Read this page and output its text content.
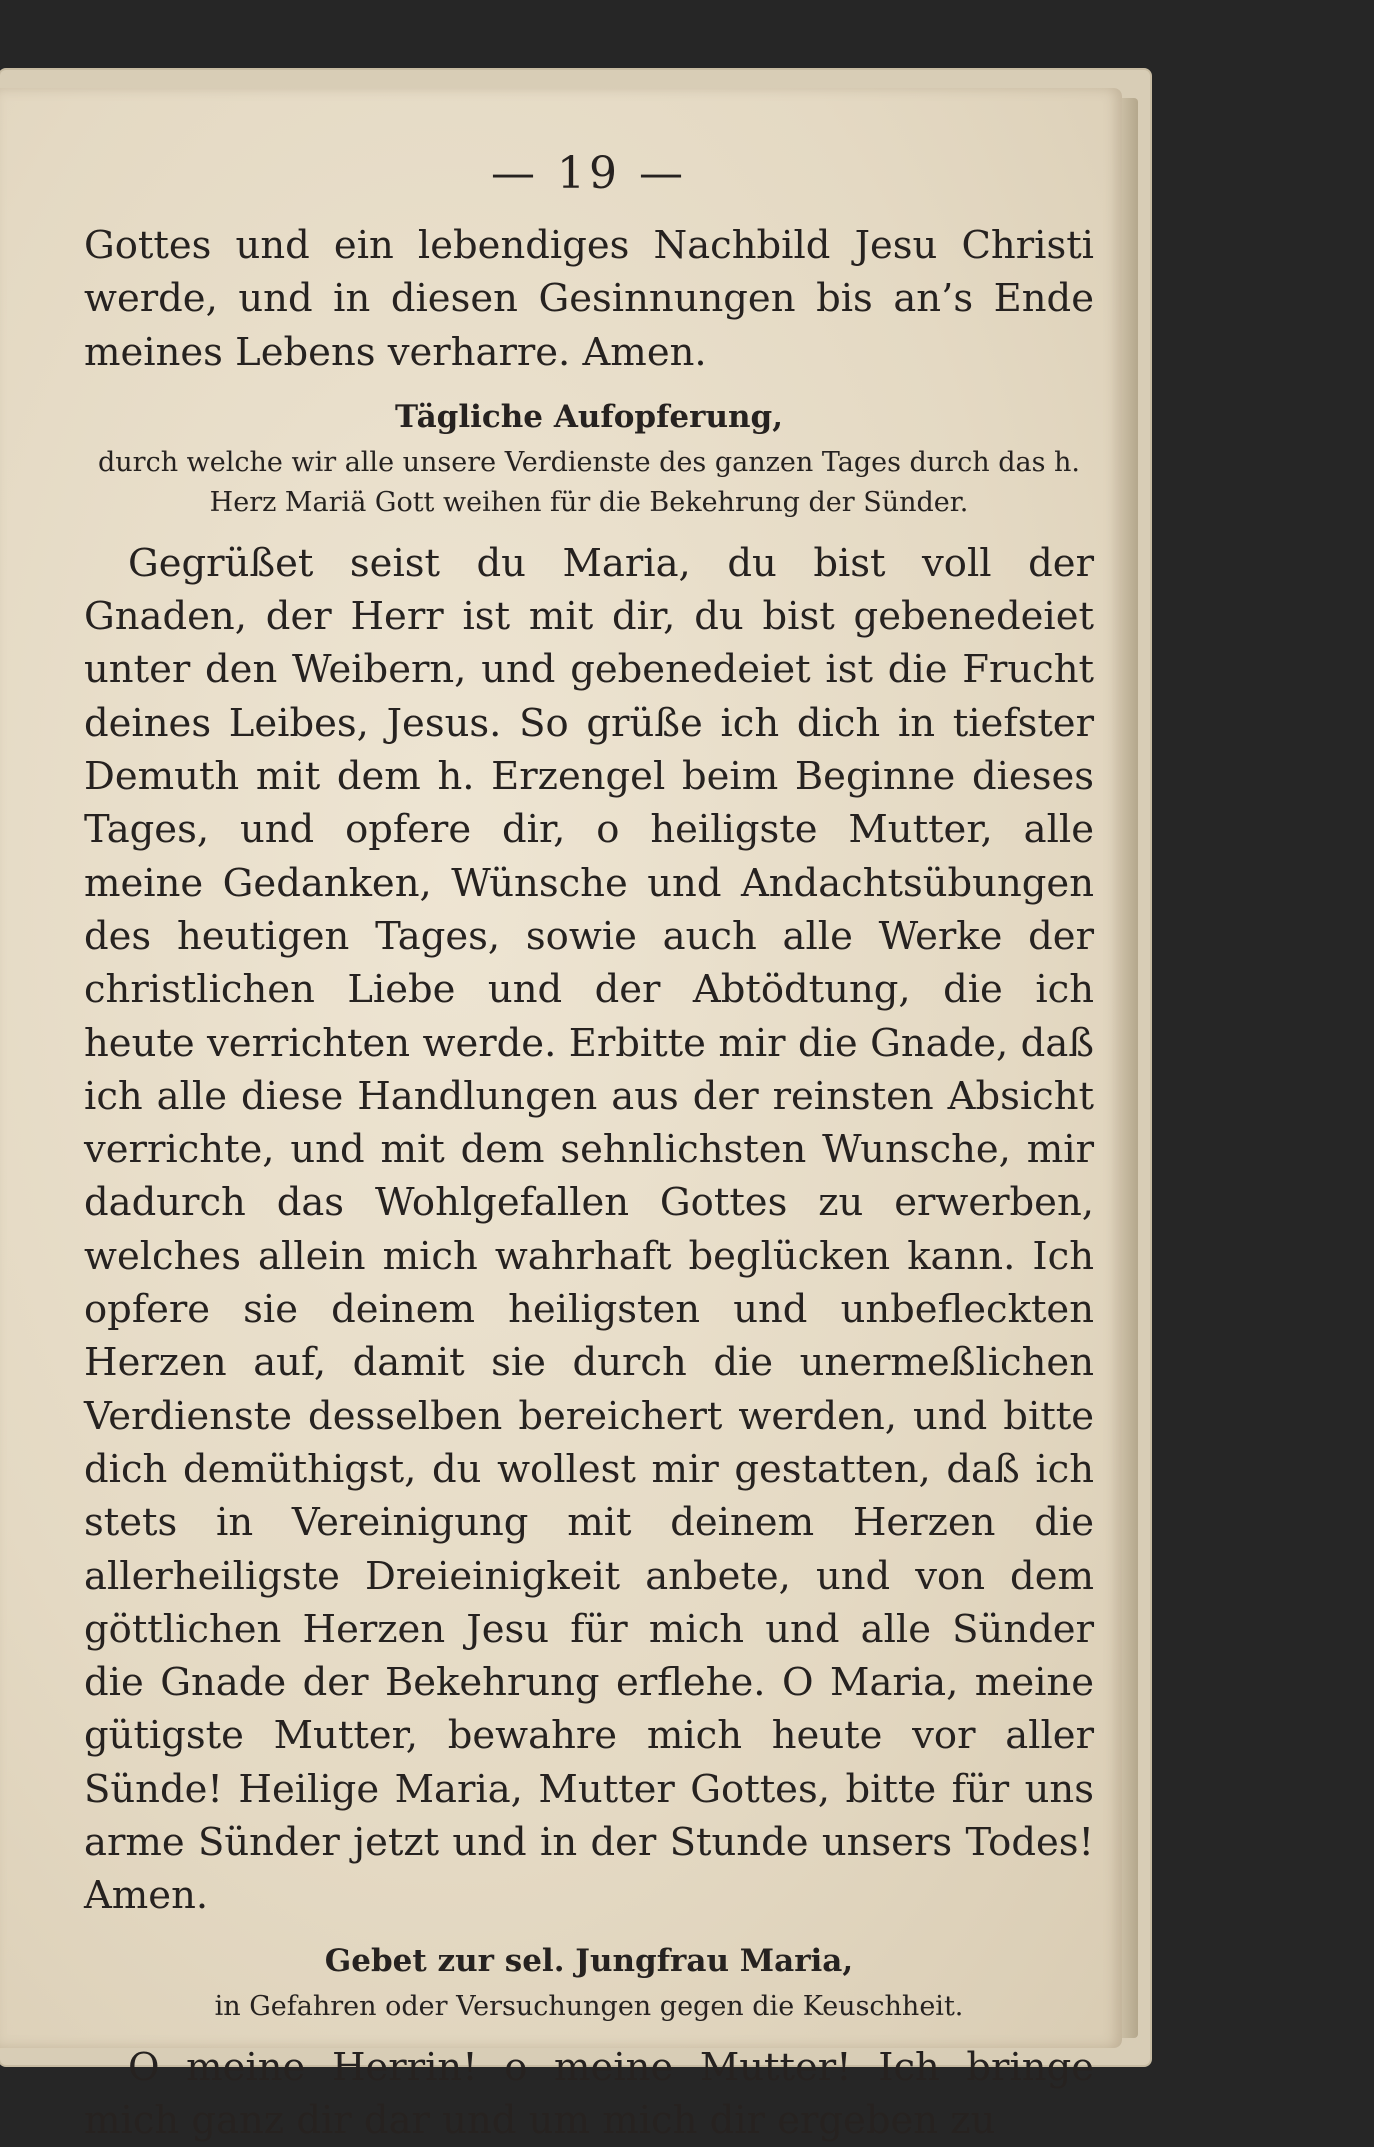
— 19 —

Gottes und ein lebendiges Nachbild Jesu Christi werde, und in diesen Gesinnungen bis an’s Ende meines Lebens verharre. Amen.

Tägliche Aufopferung,
durch welche wir alle unsere Verdienste des ganzen Tages durch das h. Herz Mariä Gott weihen für die Bekehrung der Sünder.

Gegrüßet seist du Maria, du bist voll der Gnaden, der Herr ist mit dir, du bist gebenedeiet unter den Weibern, und gebenedeiet ist die Frucht deines Leibes, Jesus. So grüße ich dich in tiefster Demuth mit dem h. Erzengel beim Beginne dieses Tages, und opfere dir, o heiligste Mutter, alle meine Gedanken, Wünsche und Andachtsübungen des heutigen Tages, sowie auch alle Werke der christlichen Liebe und der Abtödtung, die ich heute verrichten werde. Erbitte mir die Gnade, daß ich alle diese Handlungen aus der reinsten Absicht verrichte, und mit dem sehnlichsten Wunsche, mir dadurch das Wohlgefallen Gottes zu erwerben, welches allein mich wahrhaft beglücken kann. Ich opfere sie deinem heiligsten und unbefleckten Herzen auf, damit sie durch die unermeßlichen Verdienste desselben bereichert werden, und bitte dich demüthigst, du wollest mir gestatten, daß ich stets in Vereinigung mit deinem Herzen die allerheiligste Dreieinigkeit anbete, und von dem göttlichen Herzen Jesu für mich und alle Sünder die Gnade der Bekehrung erflehe. O Maria, meine gütigste Mutter, bewahre mich heute vor aller Sünde! Heilige Maria, Mutter Gottes, bitte für uns arme Sünder jetzt und in der Stunde unsers Todes! Amen.

Gebet zur sel. Jungfrau Maria,
in Gefahren oder Versuchungen gegen die Keuschheit.

O meine Herrin! o meine Mutter! Ich bringe mich ganz dir dar und um mich dir ergeben zu
